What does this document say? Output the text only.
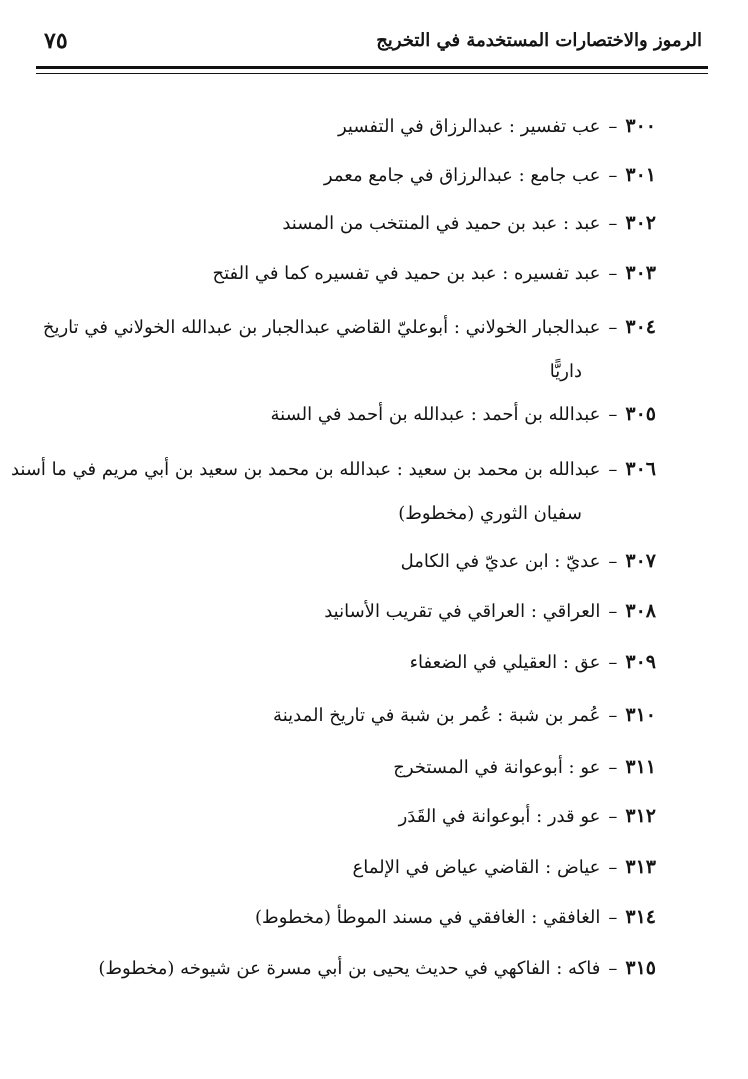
٧٥	الرموز والاختصارات المستخدمة في التخريج
٣٠٠–عب تفسير : عبدالرزاق في التفسير
٣٠١–عب جامع : عبدالرزاق في جامع معمر
٣٠٢–عبد : عبد بن حميد في المنتخب من المسند
٣٠٣–عبد تفسيره : عبد بن حميد في تفسيره كما في الفتح
٣٠٤–عبدالجبار الخولاني : أبوعليّ القاضي عبدالجبار بن عبدالله الخولاني في تاريخ
داريًّا
٣٠٥–عبدالله بن أحمد : عبدالله بن أحمد في السنة
٣٠٦–عبدالله بن محمد بن سعيد : عبدالله بن محمد بن سعيد بن أبي مريم في ما أسند
سفيان الثوري (مخطوط)
٣٠٧–عديّ : ابن عديّ في الكامل
٣٠٨–العراقي : العراقي في تقريب الأسانيد
٣٠٩–عق : العقيلي في الضعفاء
٣١٠–عُمر بن شبة : عُمر بن شبة في تاريخ المدينة
٣١١–عو : أبوعوانة في المستخرج
٣١٢–عو قدر : أبوعوانة في القَدَر
٣١٣–عياض : القاضي عياض في الإلماع
٣١٤–الغافقي : الغافقي في مسند الموطأ (مخطوط)
٣١٥–فاكه : الفاكهي في حديث يحيى بن أبي مسرة عن شيوخه (مخطوط)
